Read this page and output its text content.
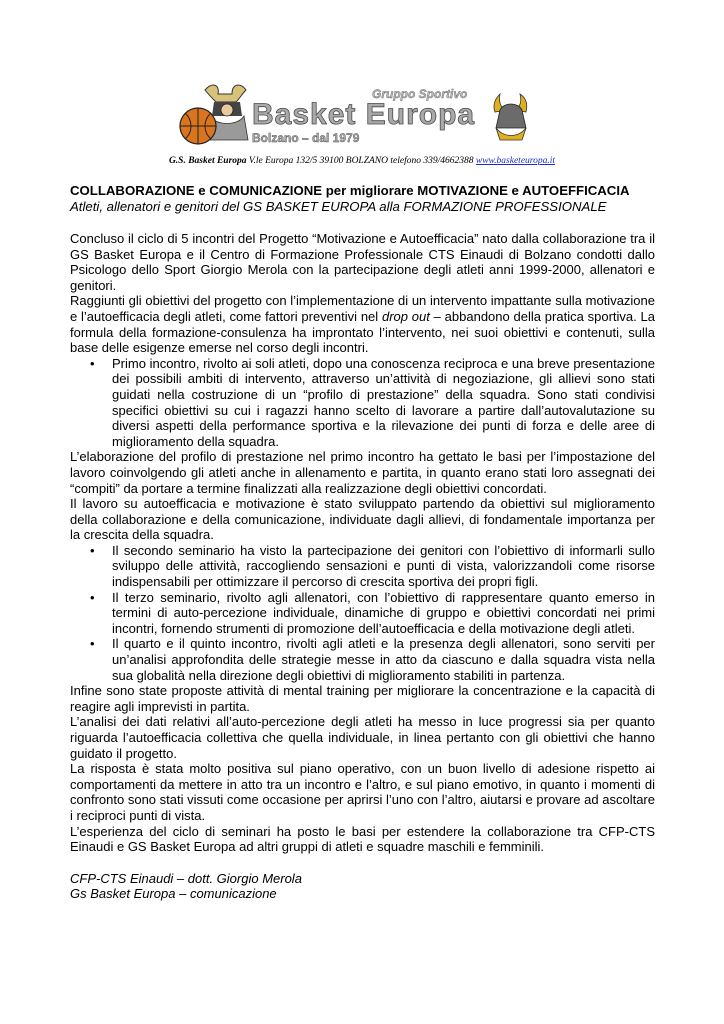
Gruppo Sportivo
Basket Europa
Bolzano – dal 1979
G.S. Basket Europa V.le Europa 132/5 39100 BOLZANO telefono 339/4662388 www.basketeuropa.it
COLLABORAZIONE e COMUNICAZIONE per migliorare MOTIVAZIONE e AUTOEFFICACIA
Atleti, allenatori e genitori del GS BASKET EUROPA alla FORMAZIONE PROFESSIONALE

Concluso il ciclo di 5 incontri del Progetto “Motivazione e Autoefficacia” nato dalla collaborazione tra il GS Basket Europa e il Centro di Formazione Professionale CTS Einaudi di Bolzano condotti dallo Psicologo dello Sport Giorgio Merola con la partecipazione degli atleti anni 1999-2000, allenatori e genitori.

Raggiunti gli obiettivi del progetto con l’implementazione di un intervento impattante sulla motivazione e l’autoefficacia degli atleti, come fattori preventivi nel drop out – abbandono della pratica sportiva. La formula della formazione-consulenza ha improntato l’intervento, nei suoi obiettivi e contenuti, sulla base delle esigenze emerse nel corso degli incontri.

• Primo incontro, rivolto ai soli atleti, dopo una conoscenza reciproca e una breve presentazione dei possibili ambiti di intervento, attraverso un’attività di negoziazione, gli allievi sono stati guidati nella costruzione di un “profilo di prestazione” della squadra. Sono stati condivisi specifici obiettivi su cui i ragazzi hanno scelto di lavorare a partire dall’autovalutazione su diversi aspetti della performance sportiva e la rilevazione dei punti di forza e delle aree di miglioramento della squadra.

L’elaborazione del profilo di prestazione nel primo incontro ha gettato le basi per l’impostazione del lavoro coinvolgendo gli atleti anche in allenamento e partita, in quanto erano stati loro assegnati dei “compiti” da portare a termine finalizzati alla realizzazione degli obiettivi concordati.

Il lavoro su autoefficacia e motivazione è stato sviluppato partendo da obiettivi sul miglioramento della collaborazione e della comunicazione, individuate dagli allievi, di fondamentale importanza per la crescita della squadra.

• Il secondo seminario ha visto la partecipazione dei genitori con l’obiettivo di informarli sullo sviluppo delle attività, raccogliendo sensazioni e punti di vista, valorizzandoli come risorse indispensabili per ottimizzare il percorso di crescita sportiva dei propri figli.
• Il terzo seminario, rivolto agli allenatori, con l’obiettivo di rappresentare quanto emerso in termini di auto-percezione individuale, dinamiche di gruppo e obiettivi concordati nei primi incontri, fornendo strumenti di promozione dell’autoefficacia e della motivazione degli atleti.
• Il quarto e il quinto incontro, rivolti agli atleti e la presenza degli allenatori, sono serviti per un’analisi approfondita delle strategie messe in atto da ciascuno e dalla squadra vista nella sua globalità nella direzione degli obiettivi di miglioramento stabiliti in partenza.

Infine sono state proposte attività di mental training per migliorare la concentrazione e la capacità di reagire agli imprevisti in partita.

L’analisi dei dati relativi all’auto-percezione degli atleti ha messo in luce progressi sia per quanto riguarda l’autoefficacia collettiva che quella individuale, in linea pertanto con gli obiettivi che hanno guidato il progetto.

La risposta è stata molto positiva sul piano operativo, con un buon livello di adesione rispetto ai comportamenti da mettere in atto tra un incontro e l’altro, e sul piano emotivo, in quanto i momenti di confronto sono stati vissuti come occasione per aprirsi l’uno con l’altro, aiutarsi e provare ad ascoltare i reciproci punti di vista.

L’esperienza del ciclo di seminari ha posto le basi per estendere la collaborazione tra CFP-CTS Einaudi e GS Basket Europa ad altri gruppi di atleti e squadre maschili e femminili.

CFP-CTS Einaudi – dott. Giorgio Merola
Gs Basket Europa – comunicazione
